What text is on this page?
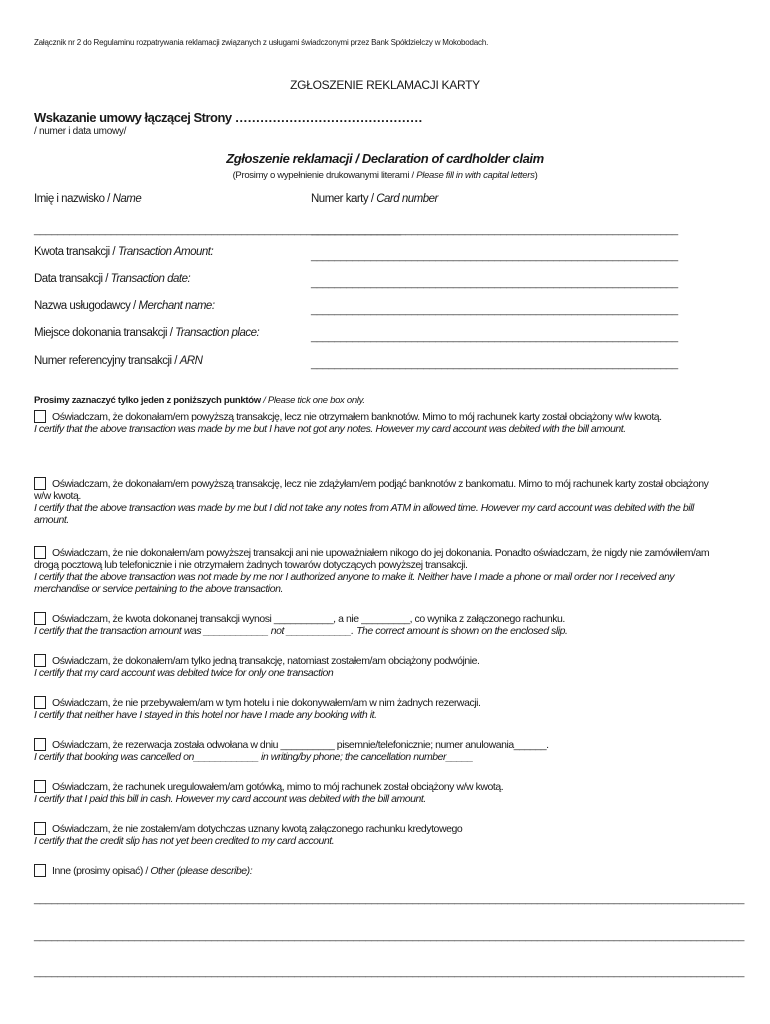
Załącznik nr 2 do Regulaminu rozpatrywania reklamacji związanych z usługami świadczonymi przez Bank Spółdzielczy w Mokobodach.
ZGŁOSZENIE REKLAMACJI KARTY
Wskazanie umowy łączącej Strony ………………………………………
/ numer i data umowy/
Zgłoszenie reklamacji / Declaration of cardholder claim
(Prosimy o wypełnienie drukowanymi literami / Please fill in with capital letters)
Imię i nazwisko / Name	Numer karty / Card number
______________________________________________________________
______________________________________________________________
Kwota transakcji / Transaction Amount:	______________________________________________________________
Data transakcji / Transaction date:	______________________________________________________________
Nazwa usługodawcy / Merchant name:	______________________________________________________________
Miejsce dokonania transakcji / Transaction place:	______________________________________________________________
Numer referencyjny transakcji / ARN	______________________________________________________________
Prosimy zaznaczyć tylko jeden z poniższych punktów / Please tick one box only.
Oświadczam, że dokonałam/em powyższą transakcję, lecz nie otrzymałem banknotów. Mimo to mój rachunek karty został obciążony w/w kwotą.
I certify that the above transaction was made by me but I have not got any notes. However my card account was debited with the bill amount.
Oświadczam, że dokonałam/em powyższą transakcję, lecz nie zdążyłam/em podjąć banknotów z bankomatu. Mimo to mój rachunek karty został obciążony w/w kwotą.
I certify that the above transaction was made by me but I did not take any notes from ATM in allowed time. However my card account was debited with the bill amount.
Oświadczam, że nie dokonałem/am powyższej transakcji ani nie upoważniałem nikogo do jej dokonania. Ponadto oświadczam, że nigdy nie zamówiłem/am drogą pocztową lub telefonicznie i nie otrzymałem żadnych towarów dotyczących powyższej transakcji.
I certify that the above transaction was not made by me nor I authorized anyone to make it. Neither have I made a phone or mail order nor I received any merchandise or service pertaining to the above transaction.
Oświadczam, że kwota dokonanej transakcji wynosi ___________, a nie _________, co wynika z załączonego rachunku.
I certify that the transaction amount was ____________ not ____________. The correct amount is shown on the enclosed slip.
Oświadczam, że dokonałem/am tylko jedną transakcję, natomiast zostałem/am obciążony podwójnie.
I certify that my card account was debited twice for only one transaction
Oświadczam, że nie przebywałem/am w tym hotelu i nie dokonywałem/am w nim żadnych rezerwacji.
I certify that neither have I stayed in this hotel nor have I made any booking with it.
Oświadczam, że rezerwacja została odwołana w dniu __________ pisemnie/telefonicznie; numer anulowania______.
I certify that booking was cancelled on____________ in writing/by phone; the cancellation number_____
Oświadczam, że rachunek uregulowałem/am gotówką, mimo to mój rachunek został obciążony w/w kwotą.
I certify that I paid this bill in cash. However my card account was debited with the bill amount.
Oświadczam, że nie zostałem/am dotychczas uznany kwotą załączonego rachunku kredytowego
I certify that the credit slip has not yet been credited to my card account.
Inne (prosimy opisać) / Other (please describe):
________________________________________________________________________________________________________________________
________________________________________________________________________________________________________________________
________________________________________________________________________________________________________________________
